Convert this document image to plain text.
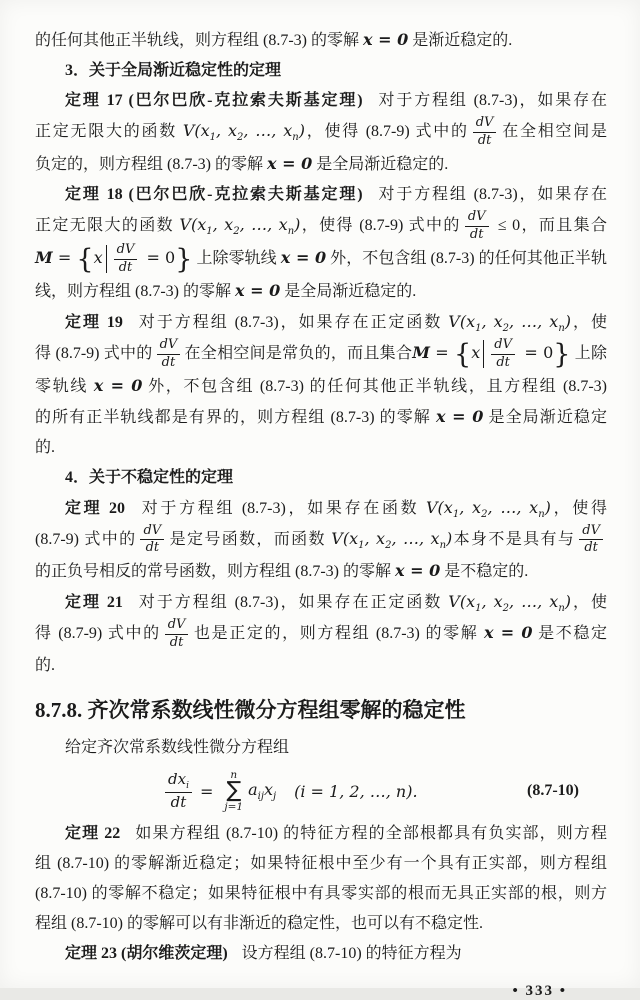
的任何其他正半轨线，则方程组 (8.7-3) 的零解 x = 0 是渐近稳定的.
3．关于全局渐近稳定性的定理
定理 17 (巴尔巴欣-克拉索夫斯基定理) 对于方程组 (8.7-3)，如果存在
正定无限大的函数 $V(x_1$, $x_2$, …, $x_n$)，使得 (8.7-9) 式中的 $\frac{dV}{dt}$ 在全相空间是
负定的，则方程组 (8.7-3) 的零解 x = 0 是全局渐近稳定的.
定理 18 (巴尔巴欣-克拉索夫斯基定理) 对于方程组 (8.7-3)，如果存在
正定无限大的函数 $V(x_1$, $x_2$, …, $x_n$)，使得 (8.7-9) 式中的 $\frac{dV}{dt} \le 0$，而且集合
$M = \{x \frac{dV}{dt} = 0\}$ 上除零轨线 x = 0 外，不包含组 (8.7-3) 的任何其他正半轨
线，则方程组 (8.7-3) 的零解 x = 0 是全局渐近稳定的.
定理 19 对于方程组 (8.7-3)，如果存在正定函数 $V(x_1$, $x_2$, …, $x_n$)，使
得 (8.7-9) 式中的 $\frac{dV}{dt}$ 在全相空间是常负的，而且集合$M = \{x \frac{dV}{dt} = 0\}$ 上除
零轨线 x = 0 外，不包含组 (8.7-3) 的任何其他正半轨线，且方程组 (8.7-3)
的所有正半轨线都是有界的，则方程组 (8.7-3) 的零解 x = 0 是全局渐近稳定
的.
4．关于不稳定性的定理
定理 20 对于方程组 (8.7-3)，如果存在函数 $V(x_1$, $x_2$, …, $x_n$)，使得
(8.7-9) 式中的 $\frac{dV}{dt}$ 是定号函数，而函数 $V(x_1$, $x_2$, …, $x_n$)本身不是具有与 $\frac{dV}{dt}$
的正负号相反的常号函数，则方程组 (8.7-3) 的零解 x = 0 是不稳定的.
定理 21 对于方程组 (8.7-3)，如果存在正定函数 $V(x_1$, $x_2$, …, $x_n$)，使
得 (8.7-9) 式中的 $\frac{dV}{dt}$ 也是正定的，则方程组 (8.7-3) 的零解 x = 0 是不稳定
的.
8.7.8. 齐次常系数线性微分方程组零解的稳定性
给定齐次常系数线性微分方程组
$\frac{dx_i}{dt}$ =
n
∑
j=1
$a_{ij}x_j$ (i = 1, 2, …, n).	(8.7-10)
定理 22 如果方程组 (8.7-10) 的特征方程的全部根都具有负实部，则方程
组 (8.7-10) 的零解渐近稳定；如果特征根中至少有一个具有正实部，则方程组
(8.7-10) 的零解不稳定；如果特征根中有具零实部的根而无具正实部的根，则方
程组 (8.7-10) 的零解可以有非渐近的稳定性，也可以有不稳定性.
定理 23 (胡尔维茨定理) 设方程组 (8.7-10) 的特征方程为
• 333 •
